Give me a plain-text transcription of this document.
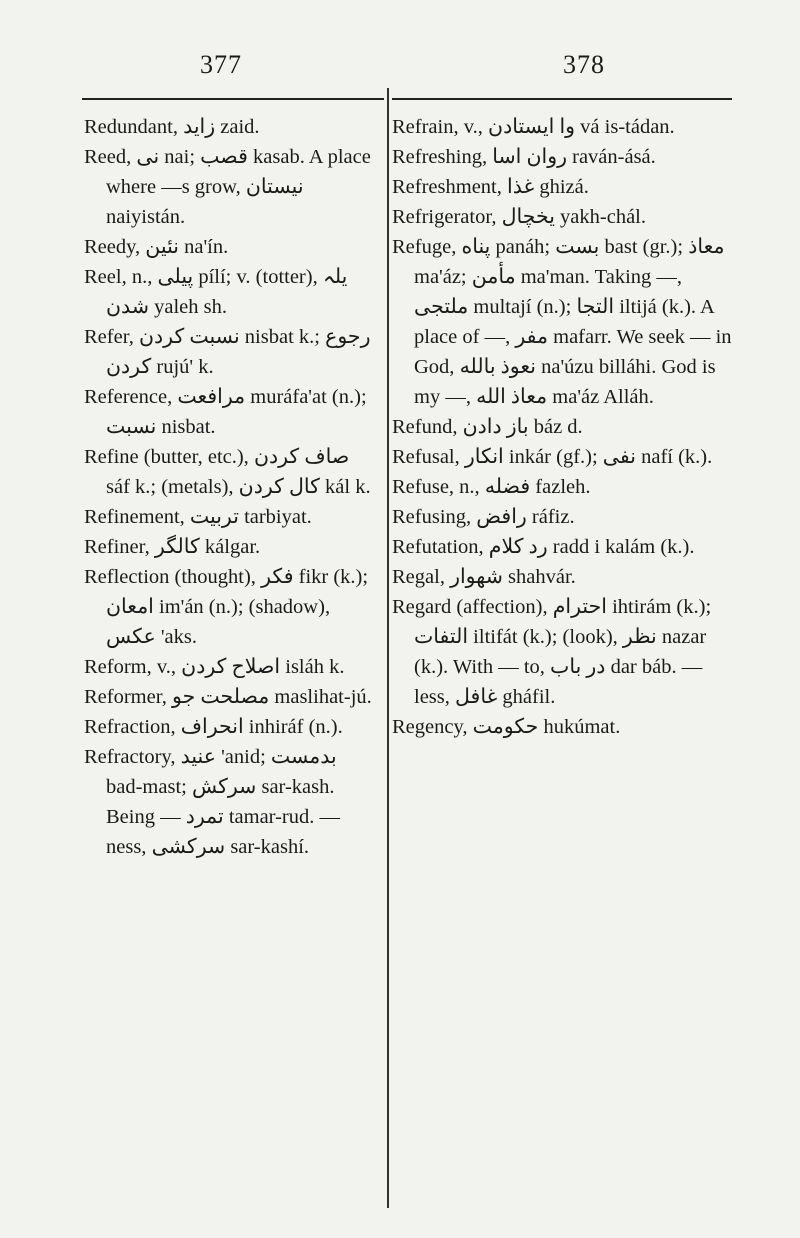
377	378

Redundant, زاید zaid.

Reed, نی nai; قصب kasab. A place where —s grow, نیستان naiyistán.

Reedy, نئین na'ín.

Reel, n., پیلی pílí; v. (totter), یلہ شدن yaleh sh.

Refer, نسبت کردن nisbat k.; رجوع کردن rujú' k.

Reference, مرافعت muráfa'at (n.); نسبت nisbat.

Refine (butter, etc.), صاف کردن sáf k.; (metals), کال کردن kál k.

Refinement, تربیت tarbiyat.

Refiner, کالگر kálgar.

Reflection (thought), فکر fikr (k.); امعان im'án (n.); (shadow), عکس 'aks.

Reform, v., اصلاح کردن isláh k.

Reformer, مصلحت جو maslihat-jú.

Refraction, انحراف inhiráf (n.).

Refractory, عنید 'anid; بدمست bad-mast; سرکش sar-kash. Being — تمرد tamar-rud. —ness, سرکشی sar-kashí.

Refrain, v., وا ایستادن vá is-tádan.

Refreshing, روان اسا raván-ásá.

Refreshment, غذا ghizá.

Refrigerator, یخچال yakh-chál.

Refuge, پناه panáh; بست bast (gr.); معاذ ma'áz; مأمن ma'man. Taking —, ملتجی multají (n.); التجا iltijá (k.). A place of —, مفر mafarr. We seek — in God, نعوذ بالله na'úzu billáhi. God is my —, معاذ الله ma'áz Alláh.

Refund, باز دادن báz d.

Refusal, انکار inkár (gf.); نفی nafí (k.).

Refuse, n., فضله fazleh.

Refusing, رافض ráfiz.

Refutation, رد کلام radd i kalám (k.).

Regal, شهوار shahvár.

Regard (affection), احترام ihtirám (k.); التفات iltifát (k.); (look), نظر nazar (k.). With — to, در باب dar báb. —less, غافل gháfil.

Regency, حکومت hukúmat.
